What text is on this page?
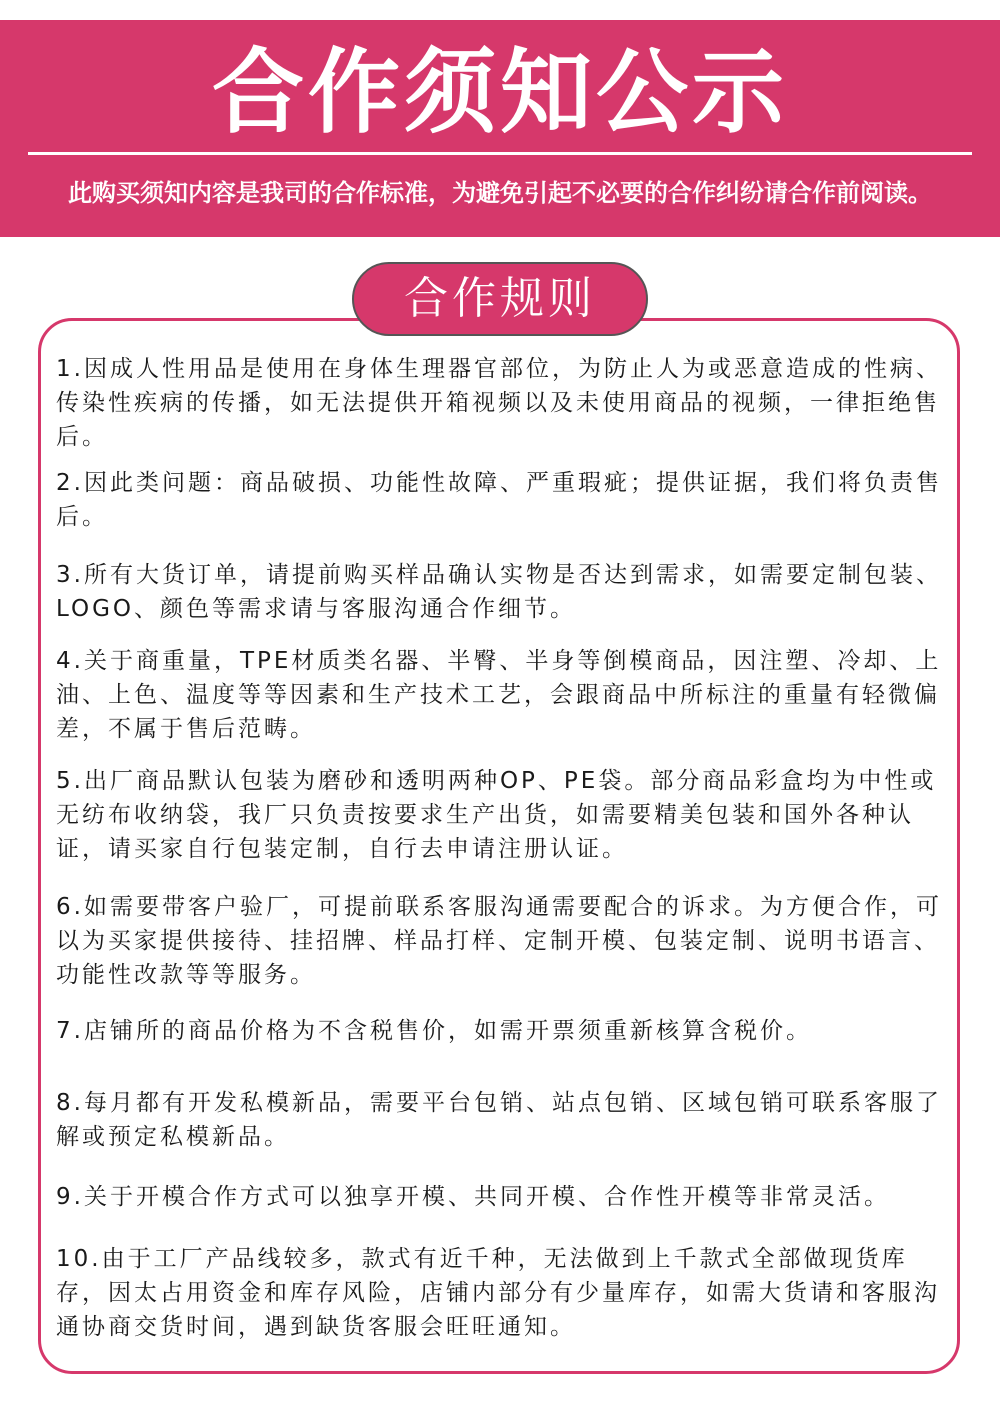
合作须知公示
此购买须知内容是我司的合作标准，为避免引起不必要的合作纠纷请合作前阅读。
合作规则
1.因成人性用品是使用在身体生理器官部位，为防止人为或恶意造成的性病、传染性疾病的传播，如无法提供开箱视频以及未使用商品的视频，一律拒绝售后。
2.因此类问题：商品破损、功能性故障、严重瑕疵；提供证据，我们将负责售后。
3.所有大货订单，请提前购买样品确认实物是否达到需求，如需要定制包装、LOGO、颜色等需求请与客服沟通合作细节。
4.关于商重量，TPE材质类名器、半臀、半身等倒模商品，因注塑、冷却、上油、上色、温度等等因素和生产技术工艺，会跟商品中所标注的重量有轻微偏差，不属于售后范畴。
5.出厂商品默认包装为磨砂和透明两种OP、PE袋。部分商品彩盒均为中性或无纺布收纳袋，我厂只负责按要求生产出货，如需要精美包装和国外各种认证，请买家自行包装定制，自行去申请注册认证。
6.如需要带客户验厂，可提前联系客服沟通需要配合的诉求。为方便合作，可以为买家提供接待、挂招牌、样品打样、定制开模、包装定制、说明书语言、功能性改款等等服务。
7.店铺所的商品价格为不含税售价，如需开票须重新核算含税价。
8.每月都有开发私模新品，需要平台包销、站点包销、区域包销可联系客服了解或预定私模新品。
9.关于开模合作方式可以独享开模、共同开模、合作性开模等非常灵活。
10.由于工厂产品线较多，款式有近千种，无法做到上千款式全部做现货库存，因太占用资金和库存风险，店铺内部分有少量库存，如需大货请和客服沟通协商交货时间，遇到缺货客服会旺旺通知。
